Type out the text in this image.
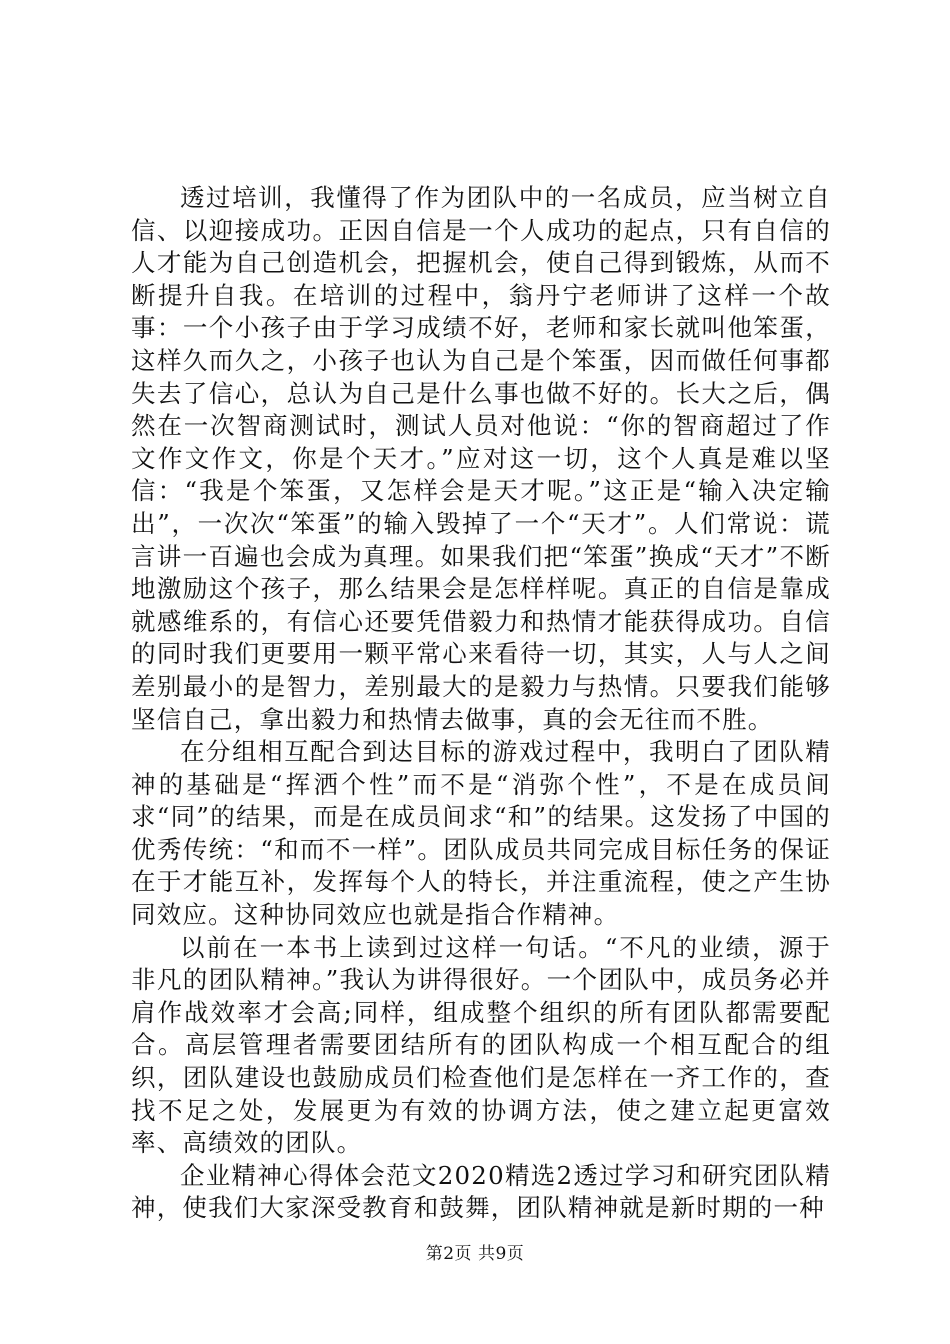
透过培训，我懂得了作为团队中的一名成员，应当树立自信、以迎接成功。正因自信是一个人成功的起点，只有自信的人才能为自己创造机会，把握机会，使自己得到锻炼，从而不断提升自我。在培训的过程中，翁丹宁老师讲了这样一个故事：一个小孩子由于学习成绩不好，老师和家长就叫他笨蛋，这样久而久之，小孩子也认为自己是个笨蛋，因而做任何事都失去了信心，总认为自己是什么事也做不好的。长大之后，偶然在一次智商测试时，测试人员对他说：“你的智商超过了作文作文作文，你是个天才。”应对这一切，这个人真是难以坚信：“我是个笨蛋，又怎样会是天才呢。”这正是“输入决定输出”，一次次“笨蛋”的输入毁掉了一个“天才”。人们常说：谎言讲一百遍也会成为真理。如果我们把“笨蛋”换成“天才”不断地激励这个孩子，那么结果会是怎样样呢。真正的自信是靠成就感维系的，有信心还要凭借毅力和热情才能获得成功。自信的同时我们更要用一颗平常心来看待一切，其实，人与人之间差别最小的是智力，差别最大的是毅力与热情。只要我们能够坚信自己，拿出毅力和热情去做事，真的会无往而不胜。

在分组相互配合到达目标的游戏过程中，我明白了团队精神的基础是“挥洒个性”而不是“消弥个性”，不是在成员间求“同”的结果，而是在成员间求“和”的结果。这发扬了中国的优秀传统：“和而不一样”。团队成员共同完成目标任务的保证在于才能互补，发挥每个人的特长，并注重流程，使之产生协同效应。这种协同效应也就是指合作精神。

以前在一本书上读到过这样一句话。“不凡的业绩，源于非凡的团队精神。”我认为讲得很好。一个团队中，成员务必并肩作战效率才会高;同样，组成整个组织的所有团队都需要配合。高层管理者需要团结所有的团队构成一个相互配合的组织，团队建设也鼓励成员们检查他们是怎样在一齐工作的，查找不足之处，发展更为有效的协调方法，使之建立起更富效率、高绩效的团队。

企业精神心得体会范文2020精选2透过学习和研究团队精神，使我们大家深受教育和鼓舞，团队精神就是新时期的一种

第2页 共9页
